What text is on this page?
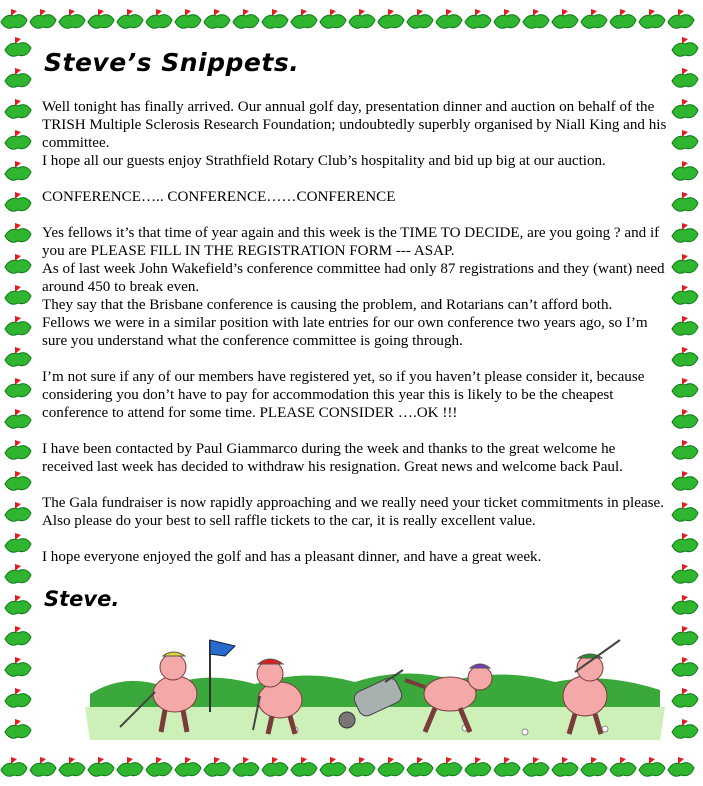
Steve’s Snippets.

Well tonight has finally arrived. Our annual golf day, presentation dinner and auction on behalf of the TRISH Multiple Sclerosis Research Foundation; undoubtedly superbly organised by Niall King and his committee.

I hope all our guests enjoy Strathfield Rotary Club’s hospitality and bid up big at our auction.

CONFERENCE….. CONFERENCE……CONFERENCE

Yes fellows it’s that time of year again and this week is the TIME TO DECIDE, are you going ? and if you are PLEASE FILL IN THE REGISTRATION FORM --- ASAP.

As of last week John Wakefield’s conference committee had only 87 registrations and they (want) need around 450 to break even.

They say that the Brisbane conference is causing the problem, and Rotarians can’t afford both.

Fellows we were in a similar position with late entries for our own conference two years ago, so I’m sure you understand what the conference committee is going through.

I’m not sure if any of our members have registered yet, so if you haven’t please consider it, because considering you don’t have to pay for accommodation this year this is likely to be the cheapest conference to attend for some time. PLEASE CONSIDER ….OK !!!

I have been contacted by Paul Giammarco during the week and thanks to the great welcome he received last week has decided to withdraw his resignation. Great news and welcome back Paul.

The Gala fundraiser is now rapidly approaching and we really need your ticket commitments in please. Also please do your best to sell raffle tickets to the car, it is really excellent value.

I hope everyone enjoyed the golf and has a pleasant dinner, and have a great week.

Steve.
